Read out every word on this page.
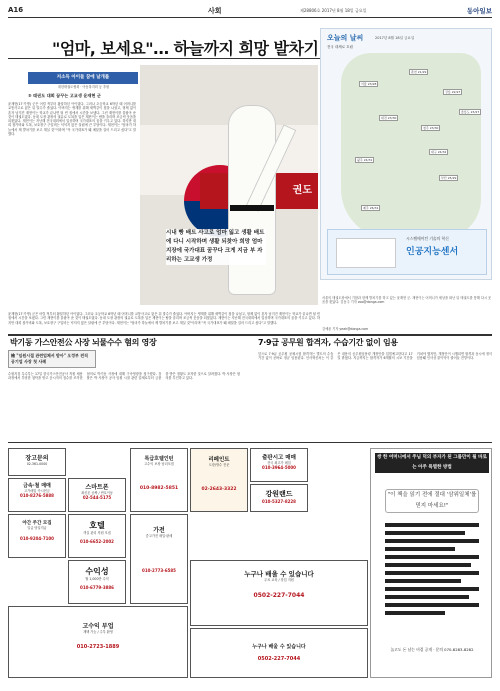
A16	사회	제28806호 2017년 8월 18일 금요일	동아일보
"엄마, 보세요"… 하늘까지 희망 발차기
저소득 아이들 꿈에 날개를
대한태권도협회 · 아동복지회 등 후원
⑤ 태권도 대회 꿈꾸는 고교생 윤재현 군
윤재현(17·가명) 군은 어릴 적부터 활달하던 아이였다. 그러나 초등학교 6학년 때 어머니를 교통사고로 잃은 뒤 말수가 줄었다. 아버지는 생계를 위해 새벽같이 집을 나섰고, 형제 없이 혼자 남겨진 재현이는 학교가 끝나면 텅 빈 집에서 시간을 보냈다. 그런 재현이를 붙잡아 준 것이 태권도였다. 동네 도장 관장의 권유로 도복을 입은 재현이는 땀을 흘리며 조금씩 웃음을 되찾았다. 재현이는 지난해 전국대회에서 입상하며 국가대표의 꿈을 키우고 있다. 하지만 대회 참가비와 도복, 보호장구 구입비는 넉넉지 않은 살림에 큰 부담이다. 재현이는 "엄마가 하늘에서 제 발차기를 보고 계실 것"이라며 "꼭 국가대표가 돼 메달을 걸어 드리고 싶다"고 말했다.
권도
시내 빵 배트 사고로 엄마 잃고 생활 배트에 다니 시작하며 생활 되찾아 희망 엄마 지장에 국가대표 꿈꾸다 크게 지금 부 자리하는 고교생 가정
윤재현(17·가명) 군은 어릴 적부터 활달하던 아이였다. 그러나 초등학교 6학년 때 어머니를 교통사고로 잃은 뒤 말수가 줄었다. 아버지는 생계를 위해 새벽같이 집을 나섰고, 형제 없이 혼자 남겨진 재현이는 학교가 끝나면 텅 빈 집에서 시간을 보냈다. 그런 재현이를 붙잡아 준 것이 태권도였다. 동네 도장 관장의 권유로 도복을 입은 재현이는 땀을 흘리며 조금씩 웃음을 되찾았다. 재현이는 지난해 전국대회에서 입상하며 국가대표의 꿈을 키우고 있다. 하지만 대회 참가비와 도복, 보호장구 구입비는 넉넉지 않은 살림에 큰 부담이다. 재현이는 "엄마가 하늘에서 제 발차기를 보고 계실 것"이라며 "꼭 국가대표가 돼 메달을 걸어 드리고 싶다"고 말했다.
서울의 태권도장에서 기합과 함께 발차기를 하고 있는 윤재현 군. 재현이는 어머니가 세상을 떠난 뒤 태권도를 통해 다시 웃음을 찾았다. 김동주 기자 zoo@donga.com
김예윤 기자 yeah@donga.com
오늘의 날씨	2017년 8월 18일 금요일
전국 대체로 흐림
서울 23/28
춘천 21/29
강릉 22/27
대전 23/30
청주 23/30
광주 24/31
대구 24/32
부산 25/29
제주 26/31
울릉도 23/27
시스템에어컨 기술의 혁신
인공지능센서
박기동 가스안전公 사장 뇌물수수 혐의 영장
檢 "임원시절 관련업체서 받아" 오정부 전직 공기업 사장 첫 사례
수원지검 특수부는 17일 한국가스안전공사 직원 채용 과정에서 부당한 청탁을 받고 응시자의 점수를 조작한 혐의로 박기동 사장에 대해 구속영장을 청구했다. 검찰은 박 사장이 공사 임원 시절 관련 업체로부터 금품을 받은 정황도 포착한 것으로 알려졌다. 박 사장은 혐의를 부인하고 있다.
7·9급 공무원 합격자, 수습기간 없이 임용
앞으로 7·9급 공무원 공채시험 합격자는 별도의 수습기간 없이 곧바로 정규 임용된다. 인사혁신처는 이 같은 내용의 공무원임용령 개정안을 입법예고한다고 17일 밝혔다. 지금까지는 합격자가 6개월의 시보 기간을 거쳐야 했지만, 개정안이 시행되면 합격과 동시에 정식 임용돼 인사상 불이익이 줄어들 전망이다.
장고문의
02-361-0000
금속·철 매매
고가매입 즉시현금
010-8276-5888
스마트폰
최신폰 공짜 / 번호이동
02-544-5175
특급호텔인턴
고수익 보장 남녀모집
010-8982-5851
리페인트
도장/방수 전문
02-2643-3322
출판시고 매매
전국 최고가 매입
010-3964-5000
강원랜드
010-5327-8228
야간 주간 모집
일급 당일지급
010-9204-7100
호텔
객실 관리 직원 모집
010-6652-2002
수익성
월 1,000만 수익
010-6779-3886
가전
중고가전 매입·판매
010-2773-6585	누구나 배울 수 있습니다
무료 교육 / 창업 지원
0502-227-7044
고수익 부업
재택 가능 / 주부 환영
010-2723-1889	누구나 배울 수 있습니다
0502-227-7044
쌍 한 어머니에서 주님 덕의 부자가 된 그룹만이 될 바로는 아주 특별한 방법
"이 책을 읽기 전에 절대 '삼위일체'를 믿지 마세요!"
놀고도 돈 남는 비결 공개 · 문의 070-8283-8282
